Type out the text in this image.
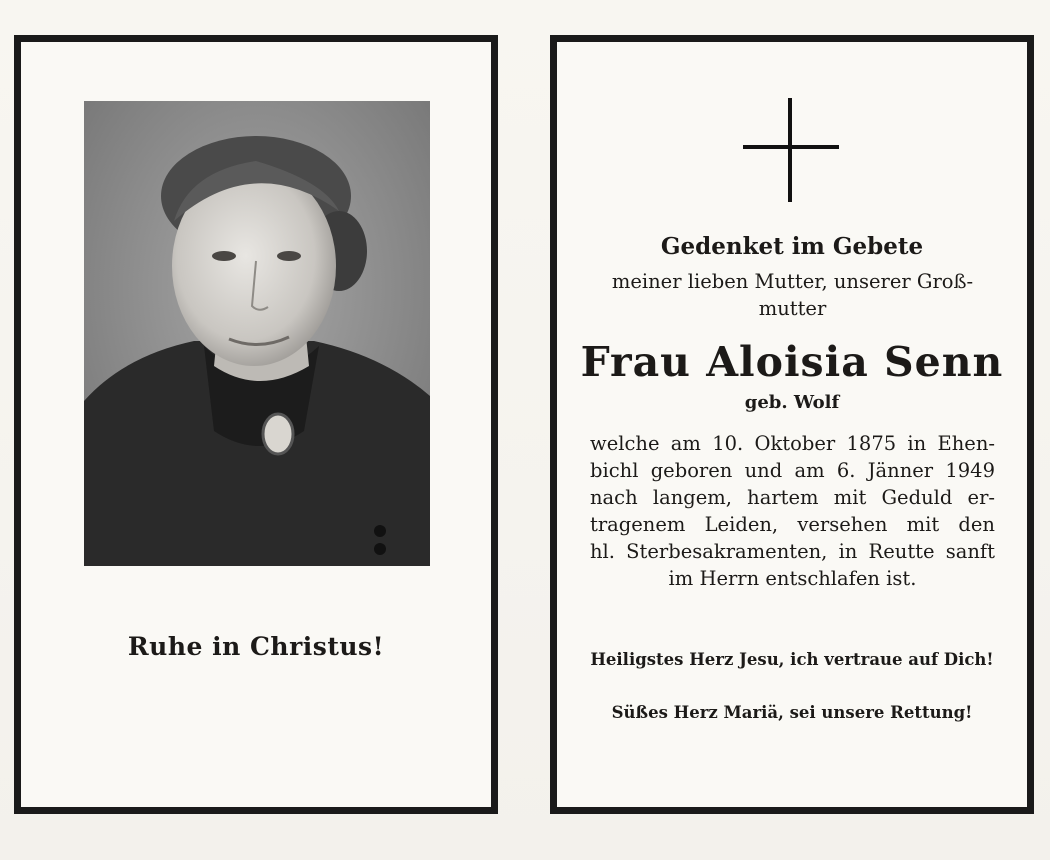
Ruhe in Christus!
Gedenket im Gebete
meiner lieben Mutter, unserer Groß-
mutter
Frau Aloisia Senn
geb. Wolf
welche am 10. Oktober 1875 in Ehen-
bichl geboren und am 6. Jänner 1949
nach langem, hartem mit Geduld er-
tragenem Leiden, versehen mit den
hl. Sterbesakramenten, in Reutte sanft
im Herrn entschlafen ist.
Heiligstes Herz Jesu, ich vertraue auf Dich!
Süßes Herz Mariä, sei unsere Rettung!
